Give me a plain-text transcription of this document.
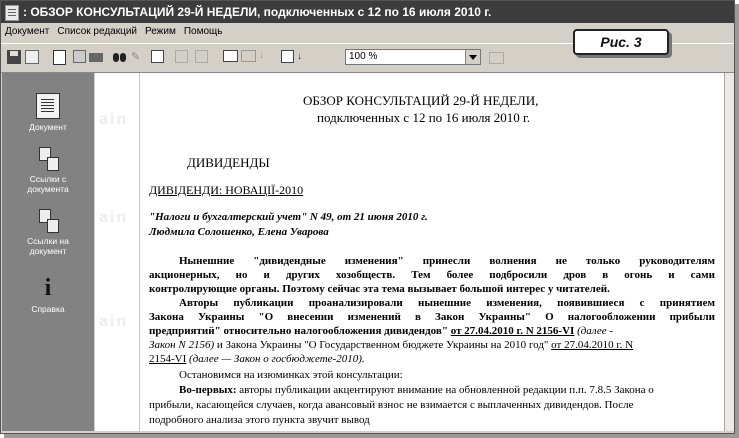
: ОБЗОР КОНСУЛЬТАЦИЙ 29-Й НЕДЕЛИ, подключенных с 12 по 16 июля 2010 г.
Документ Список редакций Режим Помощь
✎	↓	↓	100 %
Документ
Ссылки с документа
Ссылки на документ
i
Справка
ain
ain
ain
ОБЗОР КОНСУЛЬТАЦИЙ 29-Й НЕДЕЛИ,
подключенных с 12 по 16 июля 2010 г.
ДИВИДЕНДЫ
ДИВІДЕНДИ: НОВАЦІЇ-2010
"Налоги и бухгалтерский учет" N 49, от 21 июня 2010 г.
Людмила Солошенко, Елена Уварова
Нынешние "дивидендные изменения" принесли волнения не только руководителям
акционерных, но и других хозобществ. Тем более подбросили дров в огонь и сами
контролирующие органы. Поэтому сейчас эта тема вызывает большой интерес у читателей.
Авторы публикации проанализировали нынешние изменения, появившиеся с принятием
Закона Украины "О внесении изменений в Закон Украины" О налогообложении прибыли
предприятий" относительно налогообложения дивидендов" от 27.04.2010 г. N 2156-VI (далее -
Закон N 2156) и Закона Украины "О Государственном бюджете Украины на 2010 год" от 27.04.2010 г. N
2154-VI (далее — Закон о госбюджете-2010).
Остановимся на изюминках этой консультации:
Во-первых: авторы публикации акцентируют внимание на обновленной редакции п.п. 7.8.5 Закона о
прибыли, касающейся случаев, когда авансовый взнос не взимается с выплаченных дивидендов. После
подробного анализа этого пункта звучит вывод
Рис. 3
